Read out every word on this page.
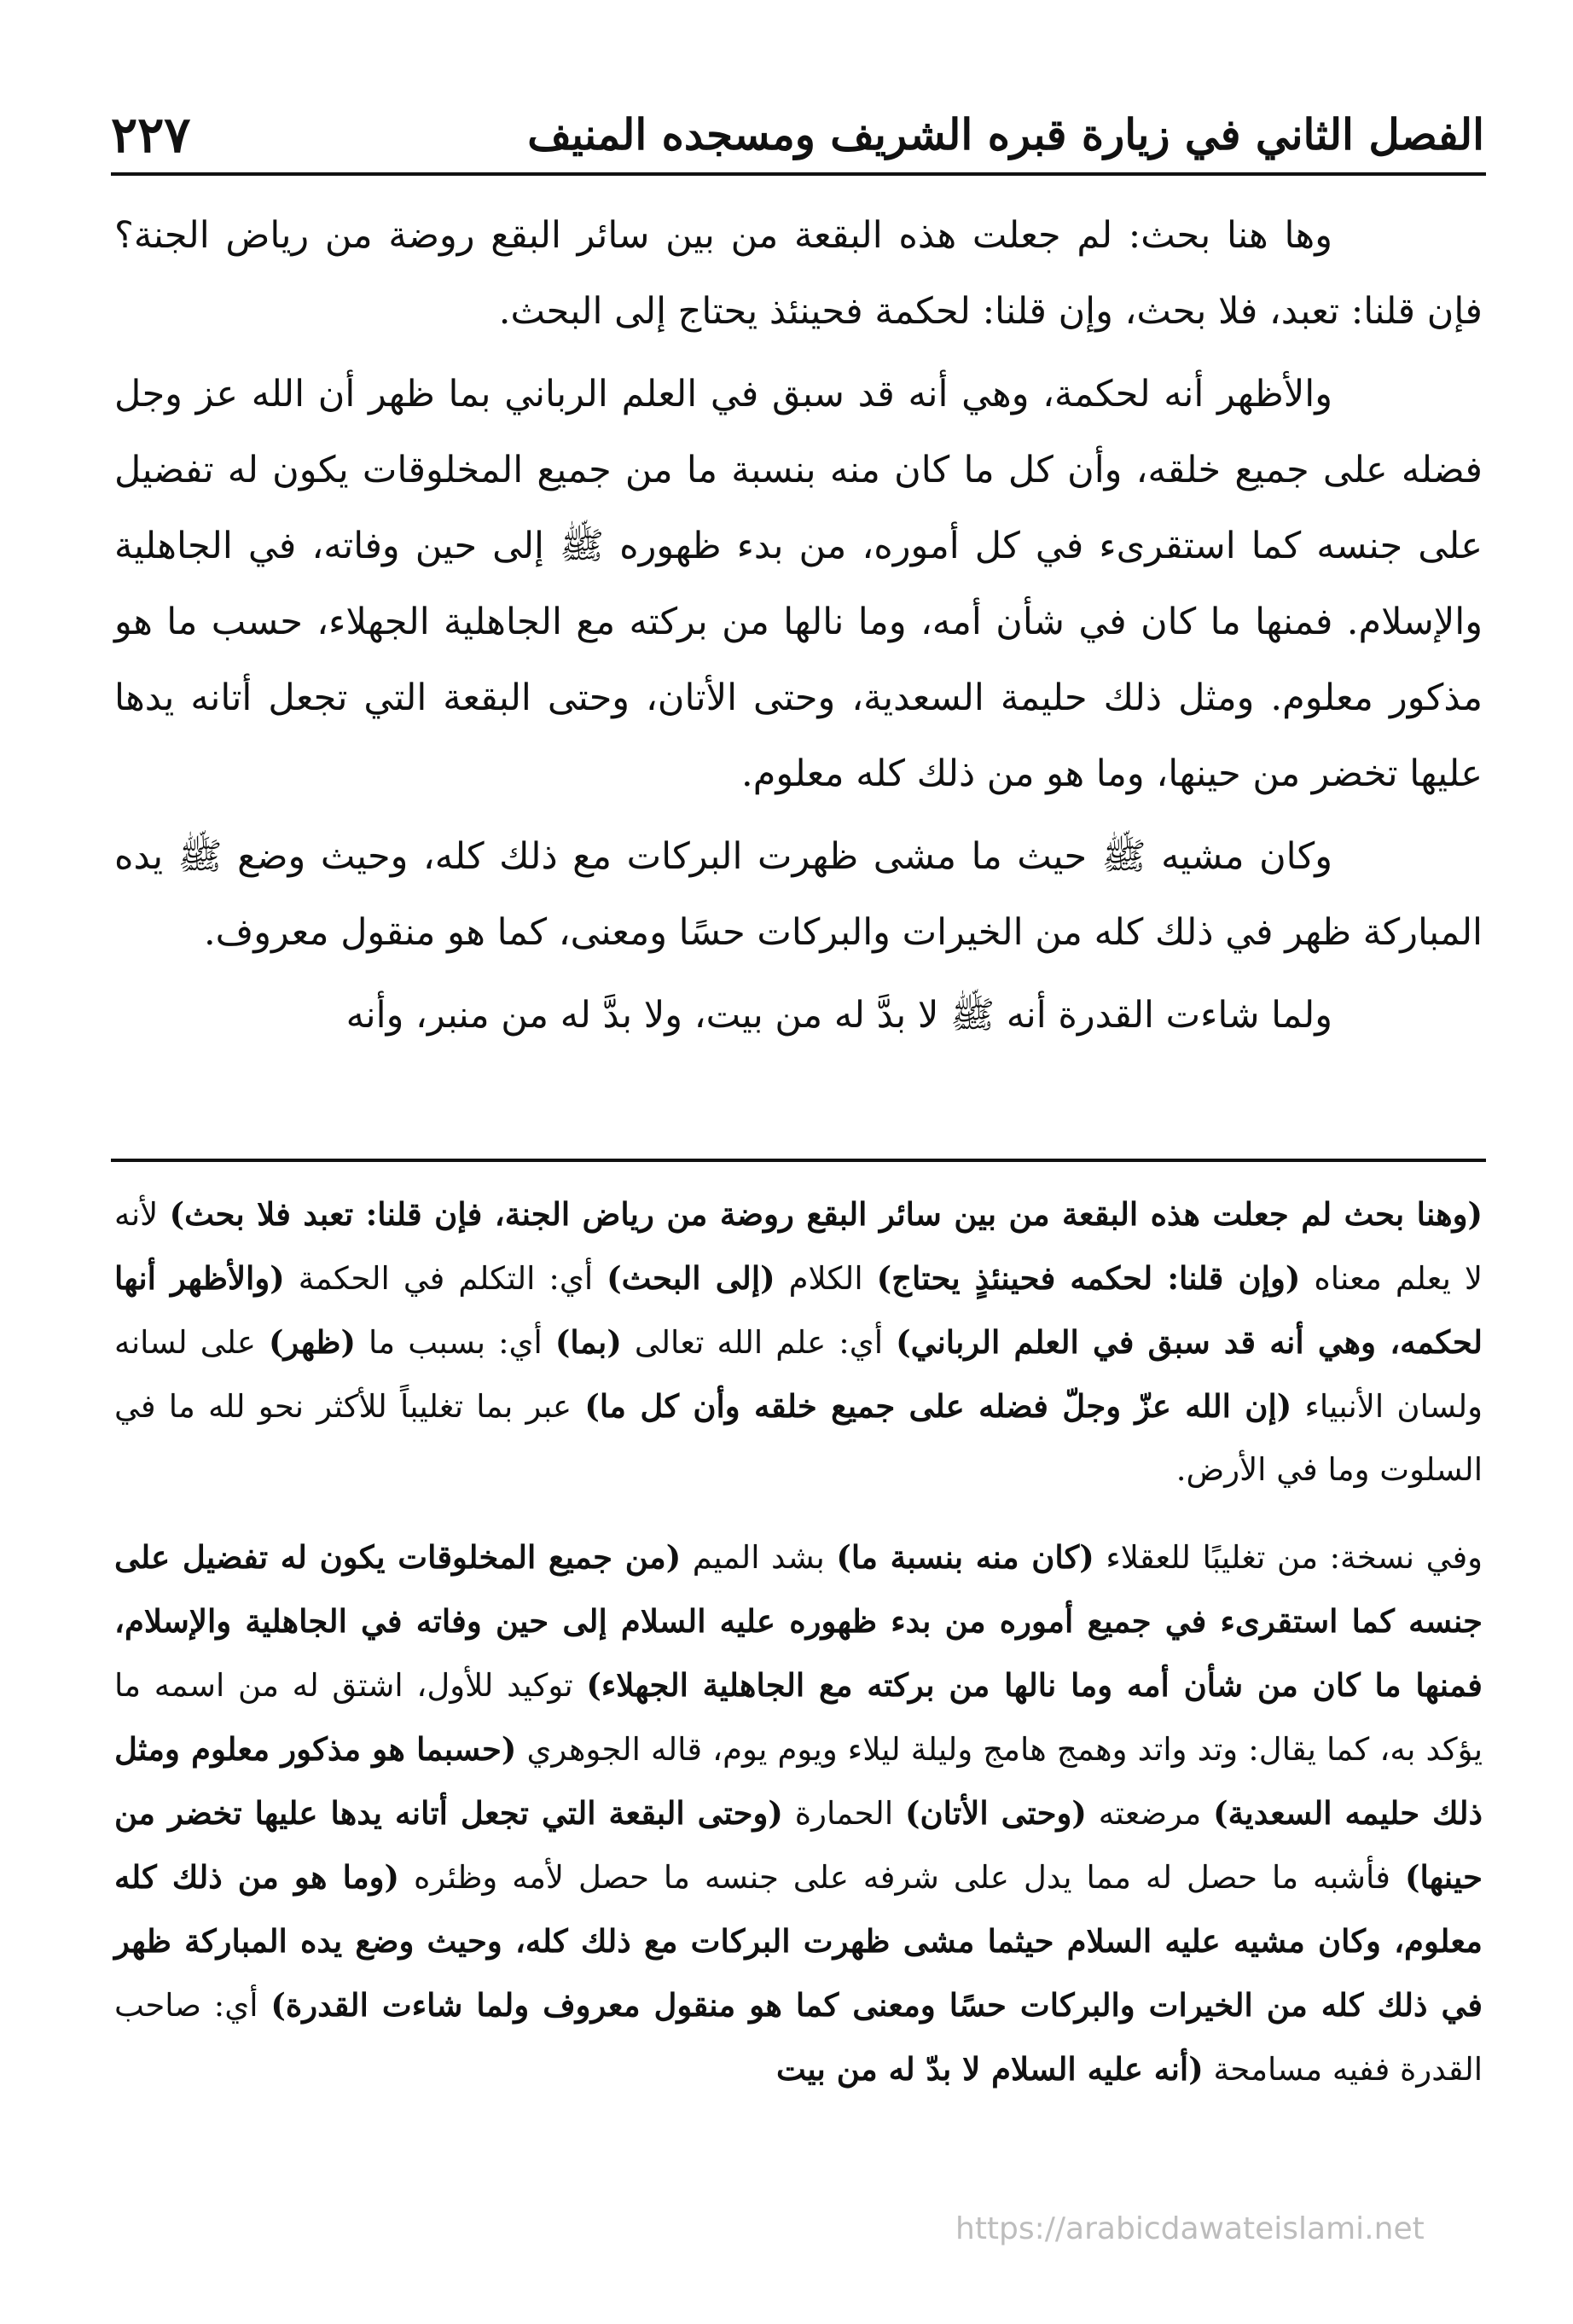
الفصل الثاني في زيارة قبره الشريف ومسجده المنيف
٢٢٧

وها هنا بحث: لم جعلت هذه البقعة من بين سائر البقع روضة من رياض الجنة؟ فإن قلنا: تعبد، فلا بحث، وإن قلنا: لحكمة فحينئذ يحتاج إلى البحث.

والأظهر أنه لحكمة، وهي أنه قد سبق في العلم الرباني بما ظهر أن الله عز وجل فضله على جميع خلقه، وأن كل ما كان منه بنسبة ما من جميع المخلوقات يكون له تفضيل على جنسه كما استقرىء في كل أموره، من بدء ظهوره ﷺ إلى حين وفاته، في الجاهلية والإسلام. فمنها ما كان في شأن أمه، وما نالها من بركته مع الجاهلية الجهلاء، حسب ما هو مذكور معلوم. ومثل ذلك حليمة السعدية، وحتى الأتان، وحتى البقعة التي تجعل أتانه يدها عليها تخضر من حينها، وما هو من ذلك كله معلوم.

وكان مشيه ﷺ حيث ما مشى ظهرت البركات مع ذلك كله، وحيث وضع ﷺ يده المباركة ظهر في ذلك كله من الخيرات والبركات حسًا ومعنى، كما هو منقول معروف.

ولما شاءت القدرة أنه ﷺ لا بدَّ له من بيت، ولا بدَّ له من منبر، وأنه

(وهنا بحث لم جعلت هذه البقعة من بين سائر البقع روضة من رياض الجنة، فإن قلنا: تعبد فلا بحث) لأنه لا يعلم معناه (وإن قلنا: لحكمه فحينئذٍ يحتاج) الكلام (إلى البحث) أي: التكلم في الحكمة (والأظهر أنها لحكمه، وهي أنه قد سبق في العلم الرباني) أي: علم الله تعالى (بما) أي: بسبب ما (ظهر) على لسانه ولسان الأنبياء (إن الله عزّ وجلّ فضله على جميع خلقه وأن كل ما) عبر بما تغليباً للأكثر نحو لله ما في السلوت وما في الأرض.

وفي نسخة: من تغليبًا للعقلاء (كان منه بنسبة ما) بشد الميم (من جميع المخلوقات يكون له تفضيل على جنسه كما استقرىء في جميع أموره من بدء ظهوره عليه السلام إلى حين وفاته في الجاهلية والإسلام، فمنها ما كان من شأن أمه وما نالها من بركته مع الجاهلية الجهلاء) توكيد للأول، اشتق له من اسمه ما يؤكد به، كما يقال: وتد واتد وهمج هامج وليلة ليلاء ويوم يوم، قاله الجوهري (حسبما هو مذكور معلوم ومثل ذلك حليمه السعدية) مرضعته (وحتى الأتان) الحمارة (وحتى البقعة التي تجعل أتانه يدها عليها تخضر من حينها) فأشبه ما حصل له مما يدل على شرفه على جنسه ما حصل لأمه وظئره (وما هو من ذلك كله معلوم، وكان مشيه عليه السلام حيثما مشى ظهرت البركات مع ذلك كله، وحيث وضع يده المباركة ظهر في ذلك كله من الخيرات والبركات حسًا ومعنى كما هو منقول معروف ولما شاءت القدرة) أي: صاحب القدرة ففيه مسامحة (أنه عليه السلام لا بدّ له من بيت

https://arabicdawateislami.net
